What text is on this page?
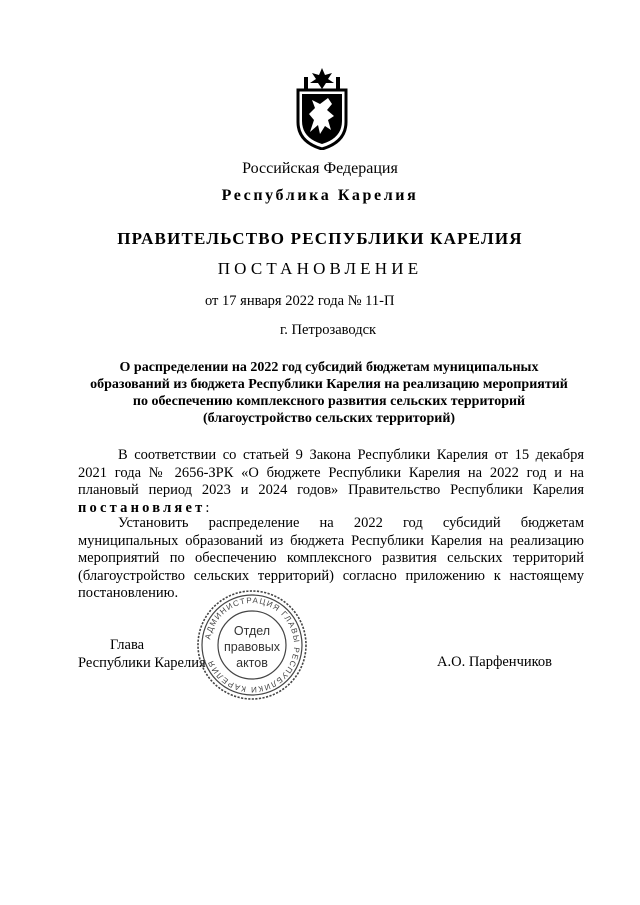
Российская Федерация
Республика Карелия
ПРАВИТЕЛЬСТВО РЕСПУБЛИКИ КАРЕЛИЯ
ПОСТАНОВЛЕНИЕ
от 17 января 2022 года № 11-П
г. Петрозаводск
О распределении на 2022 год субсидий бюджетам муниципальных образований из бюджета Республики Карелия на реализацию мероприятий по обеспечению комплексного развития сельских территорий (благоустройство сельских территорий)
В соответствии со статьей 9 Закона Республики Карелия от 15 декабря 2021 года № 2656-ЗРК «О бюджете Республики Карелия на 2022 год и на плановый период 2023 и 2024 годов» Правительство Республики Карелия постановляет:
Установить распределение на 2022 год субсидий бюджетам муниципальных образований из бюджета Республики Карелия на реализацию мероприятий по обеспечению комплексного развития сельских территорий (благоустройство сельских территорий) согласно приложению к настоящему постановлению.
Глава
Республики Карелия	А.О. Парфенчиков
АДМИНИСТРАЦИЯ ГЛАВЫ РЕСПУБЛИКИ КАРЕЛИЯ
Отдел
правовых
актов
